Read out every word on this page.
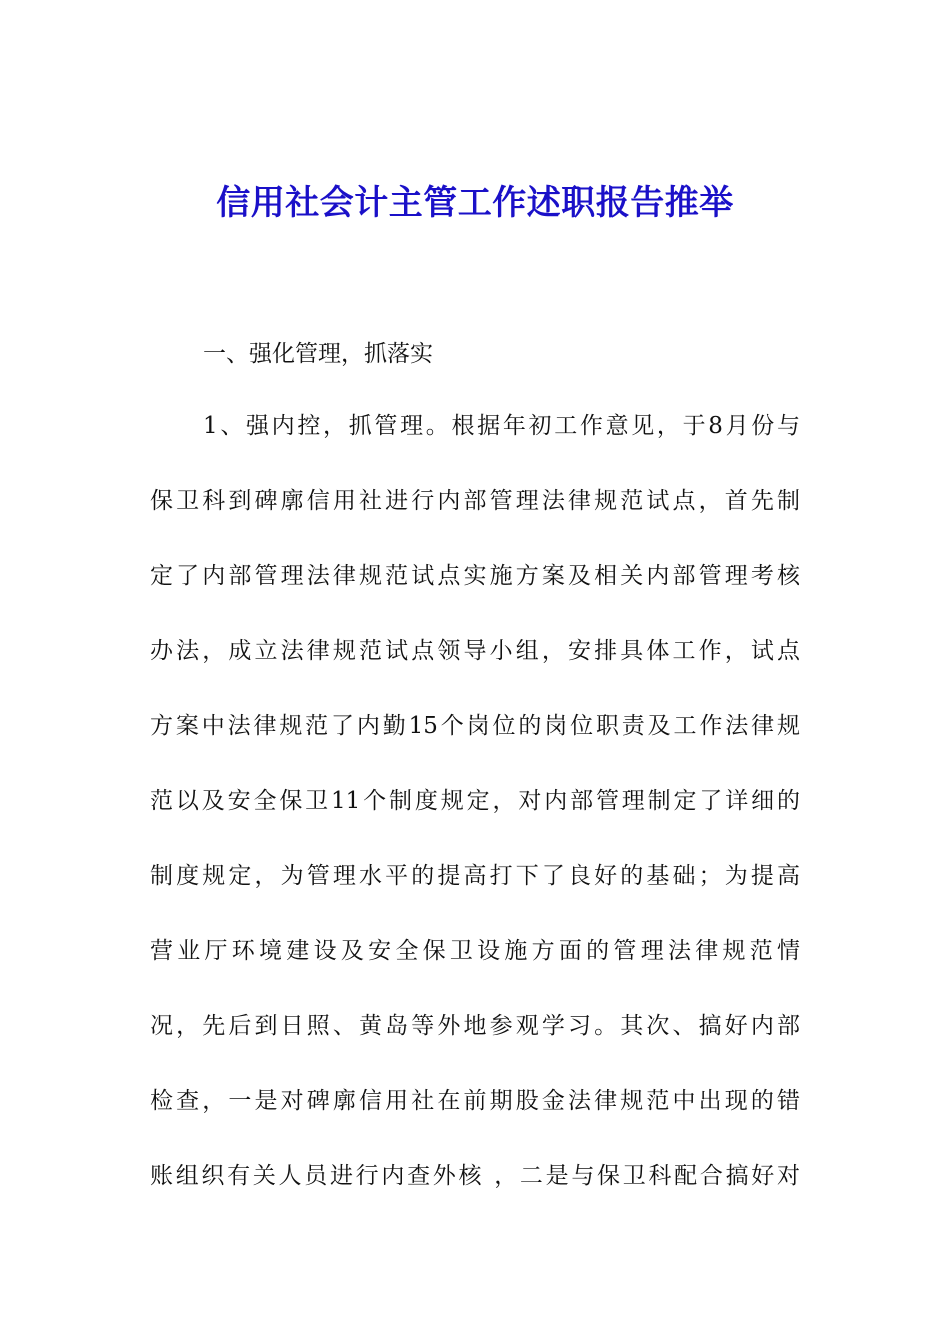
信用社会计主管工作述职报告推举

一、强化管理，抓落实

1、强内控，抓管理。根据年初工作意见，于8月份与
保卫科到碑廓信用社进行内部管理法律规范试点，首先制
定了内部管理法律规范试点实施方案及相关内部管理考核
办法，成立法律规范试点领导小组，安排具体工作，试点
方案中法律规范了内勤15个岗位的岗位职责及工作法律规
范以及安全保卫11个制度规定，对内部管理制定了详细的
制度规定，为管理水平的提高打下了良好的基础；为提高
营业厅环境建设及安全保卫设施方面的管理法律规范情
况，先后到日照、黄岛等外地参观学习。其次、搞好内部
检查，一是对碑廓信用社在前期股金法律规范中出现的错
账组织有关人员进行内查外核 ，二是与保卫科配合搞好对
